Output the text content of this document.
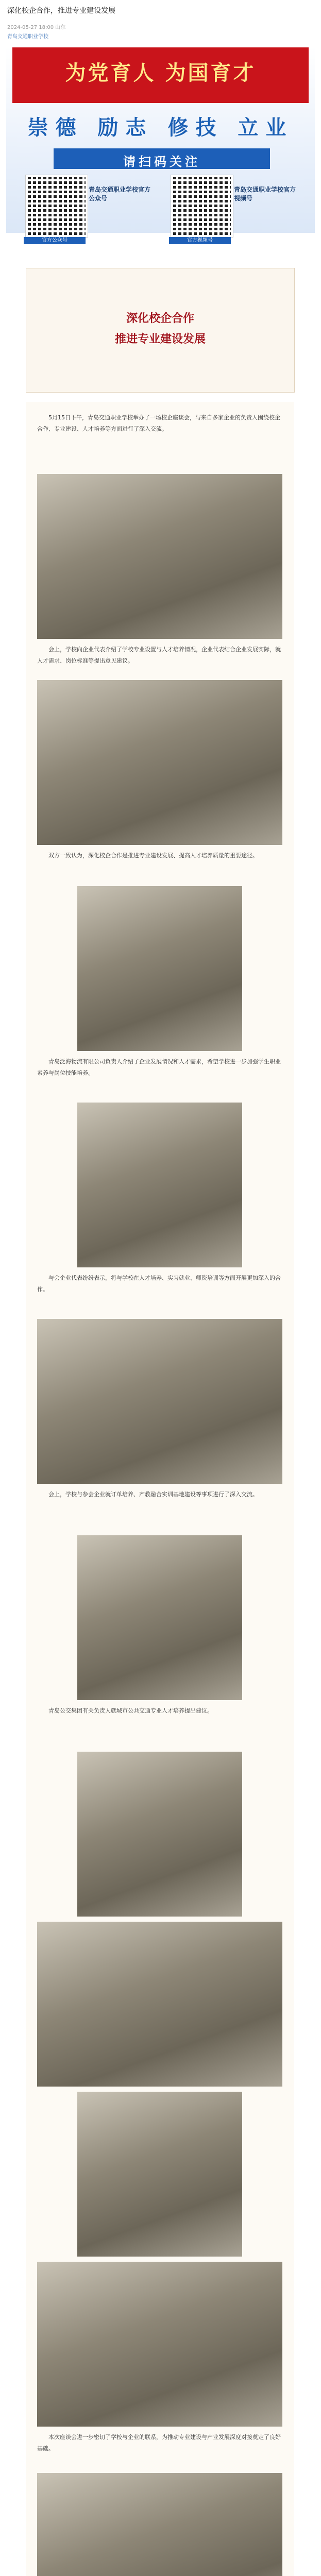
深化校企合作，推进专业建设发展
2024-05-27 18:00 山东
青岛交通职业学校
为党育人 为国育才
崇德 励志 修技 立业
请扫码关注
青岛交通职业学校官方公众号
官方公众号
青岛交通职业学校官方视频号
官方视频号
深化校企合作
推进专业建设发展
5月15日下午，青岛交通职业学校举办了一场校企座谈会，与来自多家企业的负责人围绕校企合作、专业建设、人才培养等方面进行了深入交流。
会上，学校向企业代表介绍了学校专业设置与人才培养情况，企业代表结合企业发展实际，就人才需求、岗位标准等提出意见建议。
双方一致认为，深化校企合作是推进专业建设发展、提高人才培养质量的重要途径。
青岛泛海物流有限公司负责人介绍了企业发展情况和人才需求，希望学校进一步加强学生职业素养与岗位技能培养。
与会企业代表纷纷表示，将与学校在人才培养、实习就业、师资培训等方面开展更加深入的合作。
会上，学校与参会企业就订单培养、产教融合实训基地建设等事项进行了深入交流。
青岛公交集团有关负责人就城市公共交通专业人才培养提出建议。
本次座谈会进一步密切了学校与企业的联系，为推动专业建设与产业发展深度对接奠定了良好基础。
